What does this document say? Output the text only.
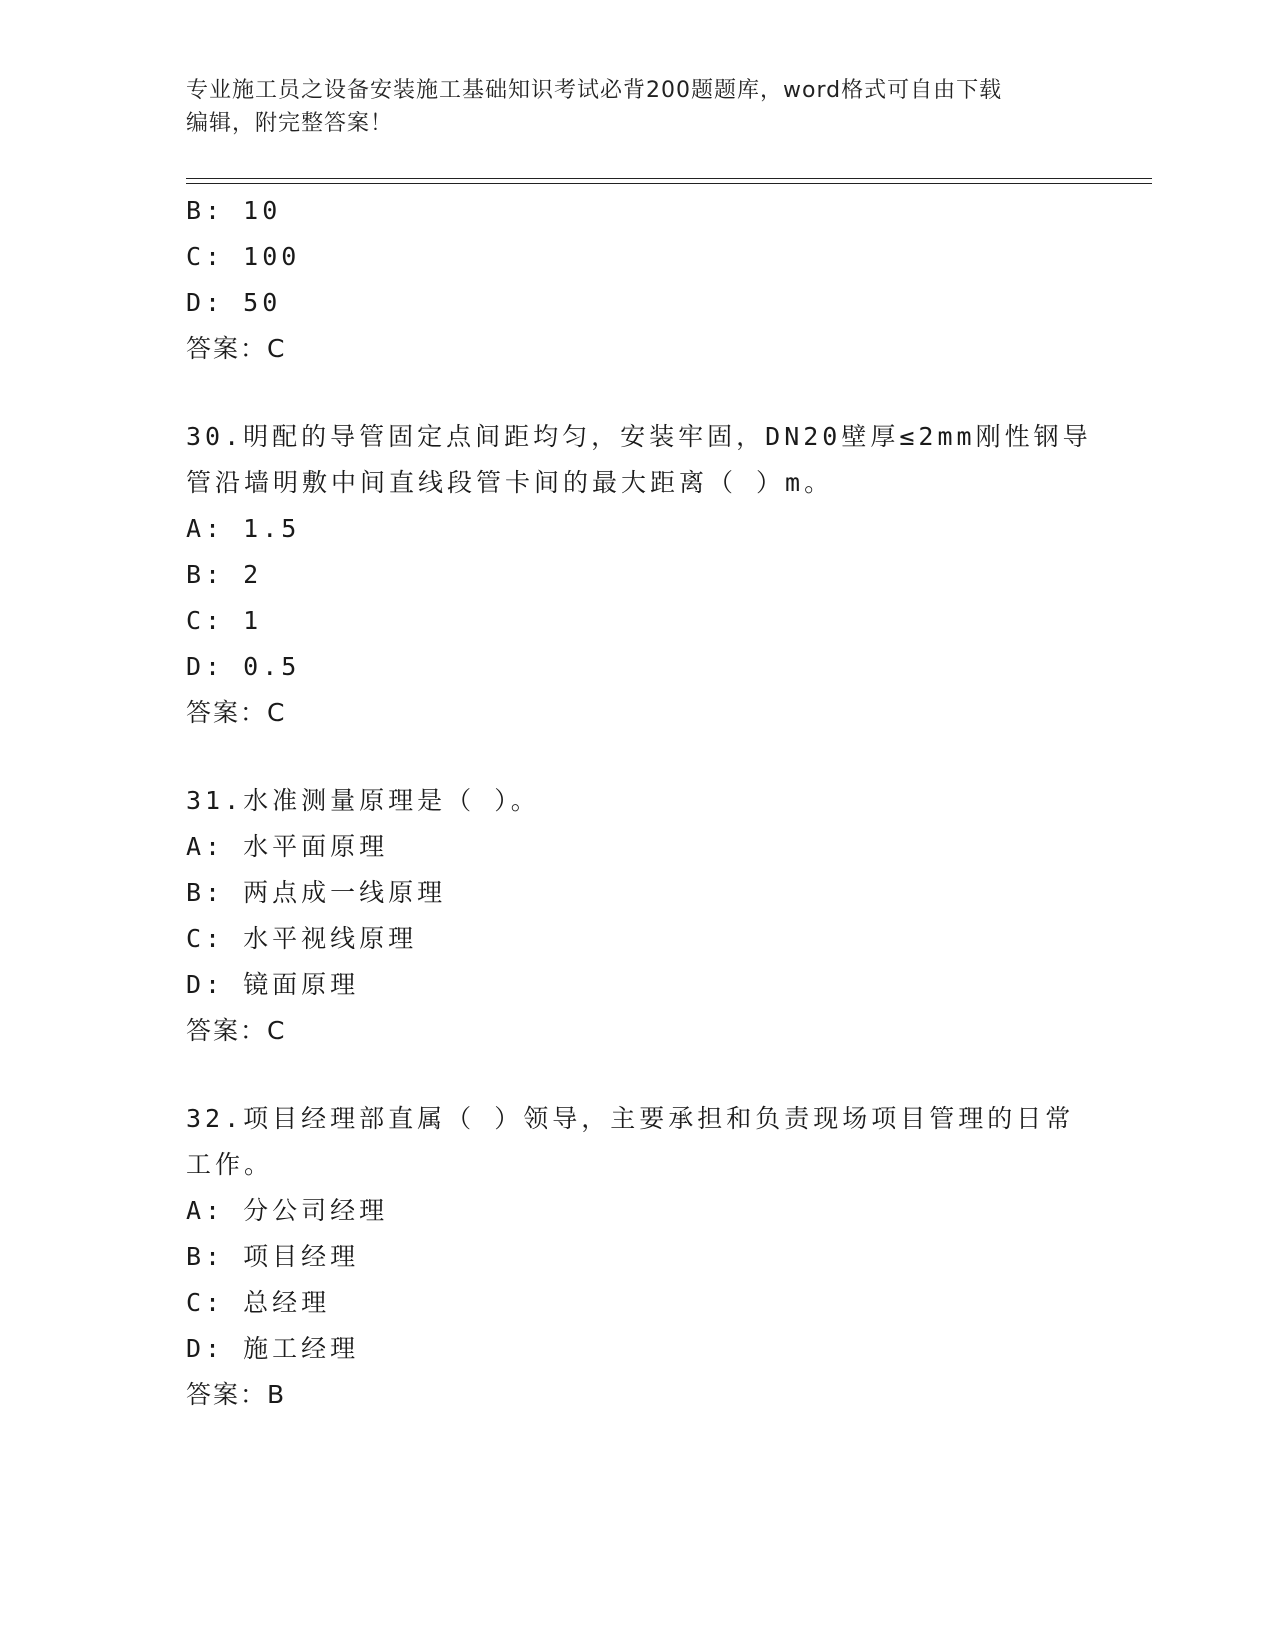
专业施工员之设备安装施工基础知识考试必背200题题库，word格式可自由下载
编辑，附完整答案！
B: 10
C: 100
D: 50
答案：C
30.明配的导管固定点间距均匀，安装牢固，DN20壁厚≤2mm刚性钢导
管沿墙明敷中间直线段管卡间的最大距离（ ）m。
A: 1.5
B: 2
C: 1
D: 0.5
答案：C
31.水准测量原理是（ ）。
A: 水平面原理
B: 两点成一线原理
C: 水平视线原理
D: 镜面原理
答案：C
32.项目经理部直属（ ）领导，主要承担和负责现场项目管理的日常
工作。
A: 分公司经理
B: 项目经理
C: 总经理
D: 施工经理
答案：B
